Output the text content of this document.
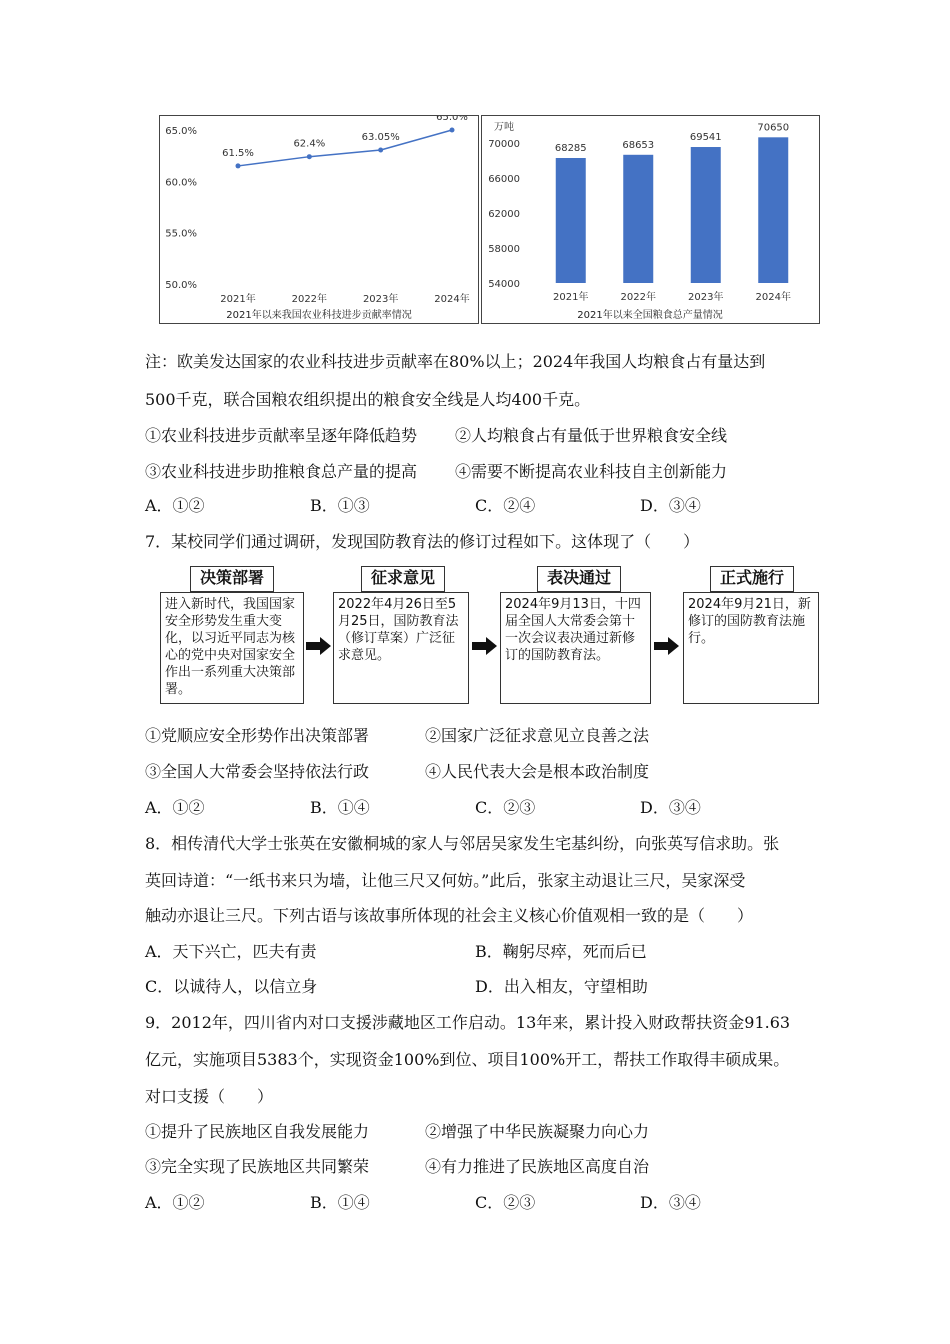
65.0%
60.0%
55.0%
50.0%
2021年	2022年	2023年	2024年
61.5%
62.4%
63.05%
65.0%
2021年以来我国农业科技进步贡献率情况
万吨
70000
66000
62000
58000
54000
68285
2021年
68653
2022年
69541
2023年
70650
2024年
2021年以来全国粮食总产量情况
注：欧美发达国家的农业科技进步贡献率在80%以上；2024年我国人均粮食占有量达到
500千克，联合国粮农组织提出的粮食安全线是人均400千克。
①农业科技进步贡献率呈逐年降低趋势 ②人均粮食占有量低于世界粮食安全线
③农业科技进步助推粮食总产量的提高 ④需要不断提高农业科技自主创新能力
A．①②	B．①③	C．②④	D．③④
7．某校同学们通过调研，发现国防教育法的修订过程如下。这体现了（　　）
决策部署
进入新时代，我国国家安全形势发生重大变化，以习近平同志为核心的党中央对国家安全作出一系列重大决策部署。
征求意见
2022年4月26日至5月25日，国防教育法（修订草案）广泛征求意见。
表决通过
2024年9月13日，十四届全国人大常委会第十一次会议表决通过新修订的国防教育法。
正式施行
2024年9月21日，新修订的国防教育法施行。
①党顺应安全形势作出决策部署	②国家广泛征求意见立良善之法
③全国人大常委会坚持依法行政	④人民代表大会是根本政治制度
A．①②	B．①④	C．②③	D．③④
8．相传清代大学士张英在安徽桐城的家人与邻居吴家发生宅基纠纷，向张英写信求助。张
英回诗道：“一纸书来只为墙，让他三尺又何妨。”此后，张家主动退让三尺，吴家深受
触动亦退让三尺。下列古语与该故事所体现的社会主义核心价值观相一致的是（　　）
A．天下兴亡，匹夫有责	B．鞠躬尽瘁，死而后已
C．以诚待人，以信立身	D．出入相友，守望相助
9．2012年，四川省内对口支援涉藏地区工作启动。13年来，累计投入财政帮扶资金91.63
亿元，实施项目5383个，实现资金100%到位、项目100%开工，帮扶工作取得丰硕成果。
对口支援（　　）
①提升了民族地区自我发展能力	②增强了中华民族凝聚力向心力
③完全实现了民族地区共同繁荣	④有力推进了民族地区高度自治
A．①②	B．①④	C．②③	D．③④
